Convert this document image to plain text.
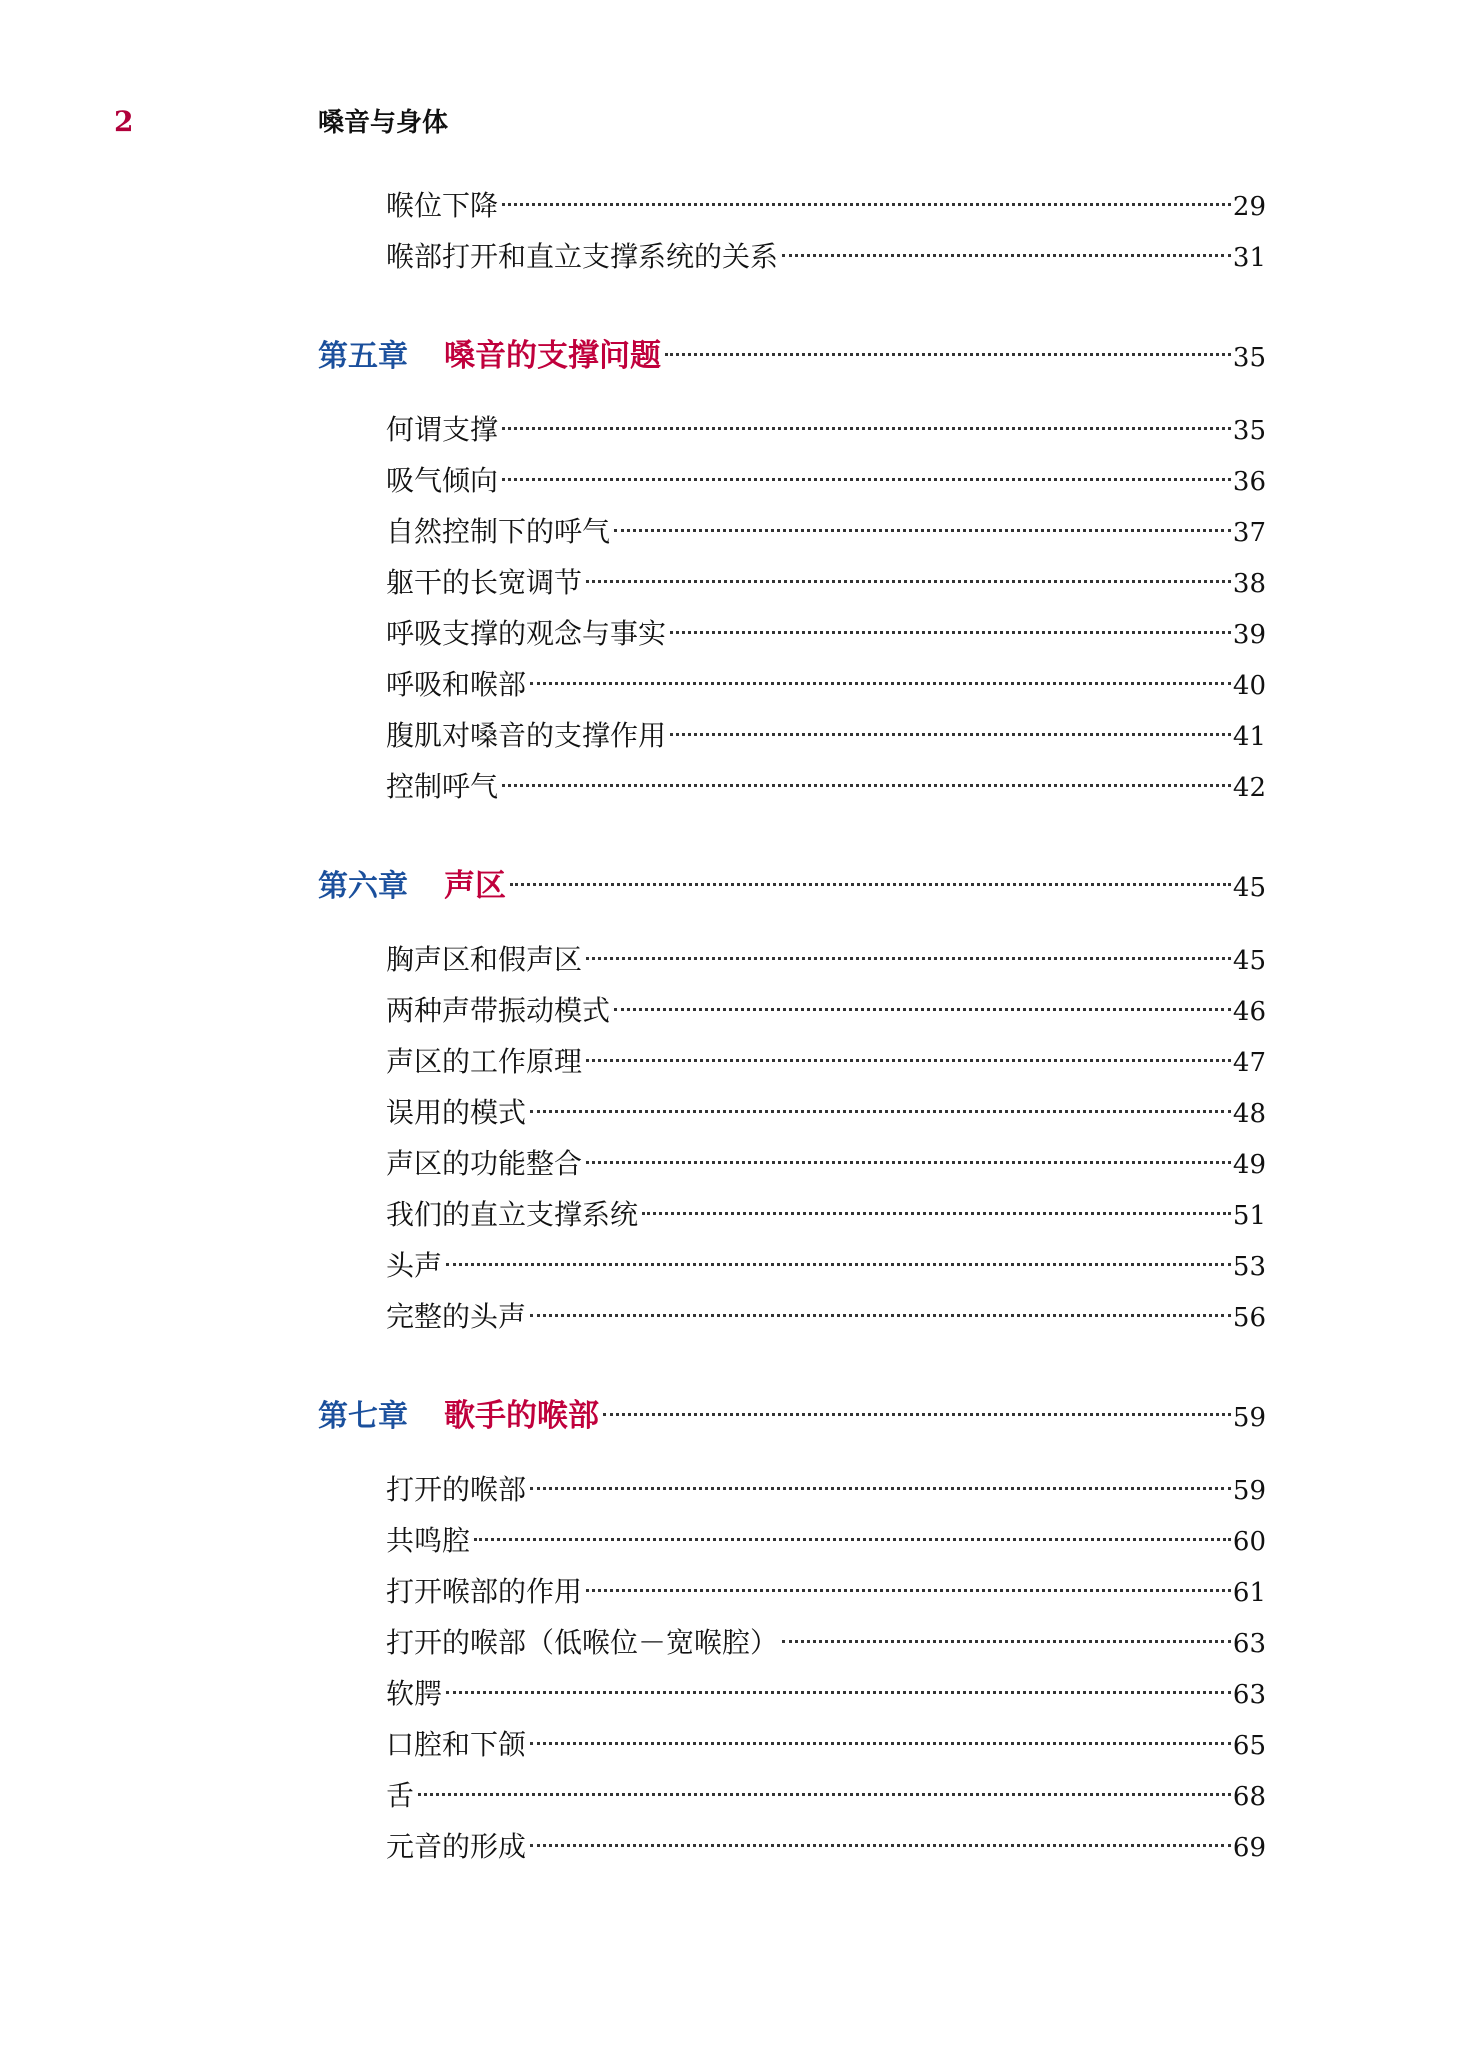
2	嗓音与身体
喉位下降	29
喉部打开和直立支撑系统的关系	31
第五章 嗓音的支撑问题	35
何谓支撑	35
吸气倾向	36
自然控制下的呼气	37
躯干的长宽调节	38
呼吸支撑的观念与事实	39
呼吸和喉部	40
腹肌对嗓音的支撑作用	41
控制呼气	42
第六章 声区	45
胸声区和假声区	45
两种声带振动模式	46
声区的工作原理	47
误用的模式	48
声区的功能整合	49
我们的直立支撑系统	51
头声	53
完整的头声	56
第七章 歌手的喉部	59
打开的喉部	59
共鸣腔	60
打开喉部的作用	61
打开的喉部（低喉位－宽喉腔）	63
软腭	63
口腔和下颌	65
舌	68
元音的形成	69
